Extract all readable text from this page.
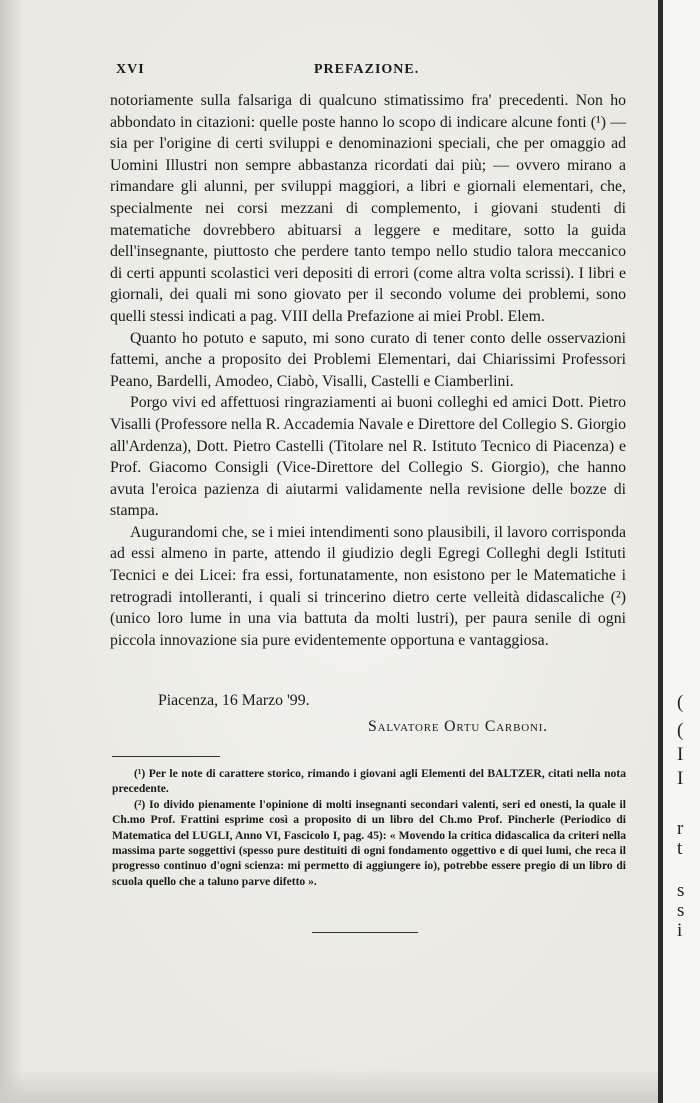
(
(
I
I
r
t
s
s
i
XVI	PREFAZIONE.

notoriamente sulla falsariga di qualcuno stimatissimo fra' precedenti. Non ho abbondato in citazioni: quelle poste hanno lo scopo di indicare alcune fonti (¹) — sia per l'origine di certi sviluppi e denominazioni speciali, che per omaggio ad Uomini Illustri non sempre abbastanza ricordati dai più; — ovvero mirano a rimandare gli alunni, per sviluppi maggiori, a libri e giornali elementari, che, specialmente nei corsi mezzani di complemento, i giovani studenti di matematiche dovrebbero abituarsi a leggere e meditare, sotto la guida dell'insegnante, piuttosto che perdere tanto tempo nello studio talora meccanico di certi appunti scolastici veri depositi di errori (come altra volta scrissi). I libri e giornali, dei quali mi sono giovato per il secondo volume dei problemi, sono quelli stessi indicati a pag. VIII della Prefazione ai miei Probl. Elem.

Quanto ho potuto e saputo, mi sono curato di tener conto delle osservazioni fattemi, anche a proposito dei Problemi Elementari, dai Chiarissimi Professori Peano, Bardelli, Amodeo, Ciabò, Visalli, Castelli e Ciamberlini.

Porgo vivi ed affettuosi ringraziamenti ai buoni colleghi ed amici Dott. Pietro Visalli (Professore nella R. Accademia Navale e Direttore del Collegio S. Giorgio all'Ardenza), Dott. Pietro Castelli (Titolare nel R. Istituto Tecnico di Piacenza) e Prof. Giacomo Consigli (Vice-Direttore del Collegio S. Giorgio), che hanno avuta l'eroica pazienza di aiutarmi validamente nella revisione delle bozze di stampa.

Augurandomi che, se i miei intendimenti sono plausibili, il lavoro corrisponda ad essi almeno in parte, attendo il giudizio degli Egregi Colleghi degli Istituti Tecnici e dei Licei: fra essi, fortunatamente, non esistono per le Matematiche i retrogradi intolleranti, i quali si trincerino dietro certe velleità didascaliche (²) (unico loro lume in una via battuta da molti lustri), per paura senile di ogni piccola innovazione sia pure evidentemente opportuna e vantaggiosa.

Piacenza, 16 Marzo '99.
Salvatore Ortu Carboni.

(¹) Per le note di carattere storico, rimando i giovani agli Elementi del BALTZER, citati nella nota precedente.

(²) Io divido pienamente l'opinione di molti insegnanti secondari valenti, seri ed onesti, la quale il Ch.mo Prof. Frattini esprime così a proposito di un libro del Ch.mo Prof. Pincherle (Periodico di Matematica del LUGLI, Anno VI, Fascicolo I, pag. 45): « Movendo la critica didascalica da criteri nella massima parte soggettivi (spesso pure destituiti di ogni fondamento oggettivo e di quei lumi, che reca il progresso continuo d'ogni scienza: mi permetto di aggiungere io), potrebbe essere pregio di un libro di scuola quello che a taluno parve difetto ».
